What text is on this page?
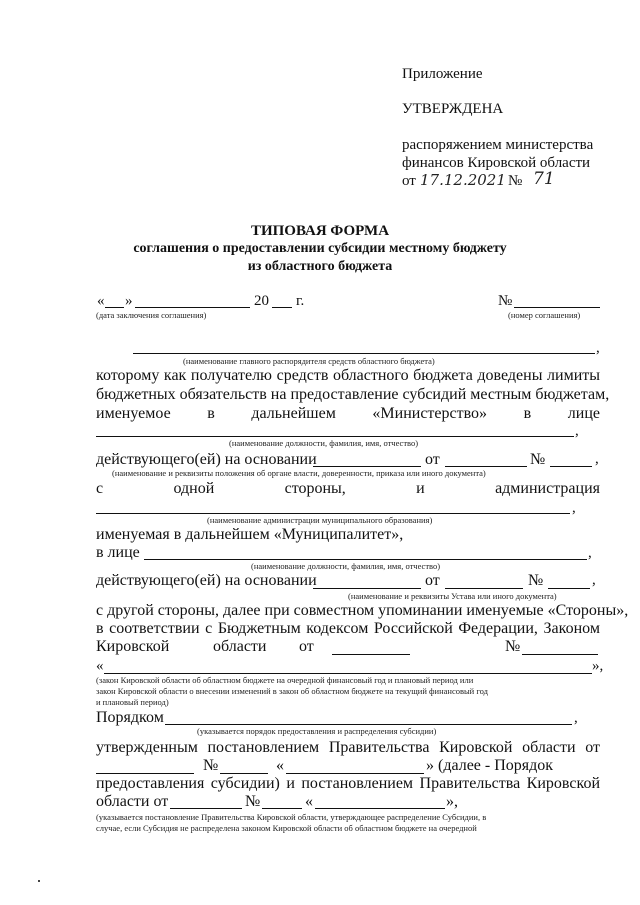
Приложение
УТВЕРЖДЕНА
распоряжением министерства
финансов Кировской области
от 17.12.2021 № 71
ТИПОВАЯ ФОРМА
соглашения о предоставлении субсидии местному бюджету
из областного бюджета
« »	20 г.	№
(дата заключения соглашения)	(номер соглашения)
,
(наименование главного распорядителя средств областного бюджета)
которому как получателю средств областного бюджета доведены лимиты
бюджетных обязательств на предоставление субсидий местным бюджетам,
именуемое в дальнейшем «Министерство» в лице
,
(наименование должности, фамилия, имя, отчество)
действующего(ей) на основании	от	№	,
(наименование и реквизиты положения об органе власти, доверенности, приказа или иного документа)
с	одной	стороны,	и	администрация
,
(наименование администрации муниципального образования)
именуемая в дальнейшем «Муниципалитет»,
в лице	,
(наименование должности, фамилия, имя, отчество)
действующего(ей) на основании	от	№	,
(наименование и реквизиты Устава или иного документа)
с другой стороны, далее при совместном упоминании именуемые «Стороны»,
в соответствии с Бюджетным кодексом Российской Федерации, Законом
Кировской	области от	№
«	»,
(закон Кировской области об областном бюджете на очередной финансовый год и плановый период или
закон Кировской области о внесении изменений в закон об областном бюджете на текущий финансовый год
и плановый период)
Порядком	,
(указывается порядок предоставления и распределения субсидии)
утвержденным постановлением Правительства Кировской области от
№	«	» (далее - Порядок
предоставления субсидии) и постановлением Правительства Кировской
области от	№	«	»,
(указывается постановление Правительства Кировской области, утверждающее распределение Субсидии, в
случае, если Субсидия не распределена законом Кировской области об областном бюджете на очередной
